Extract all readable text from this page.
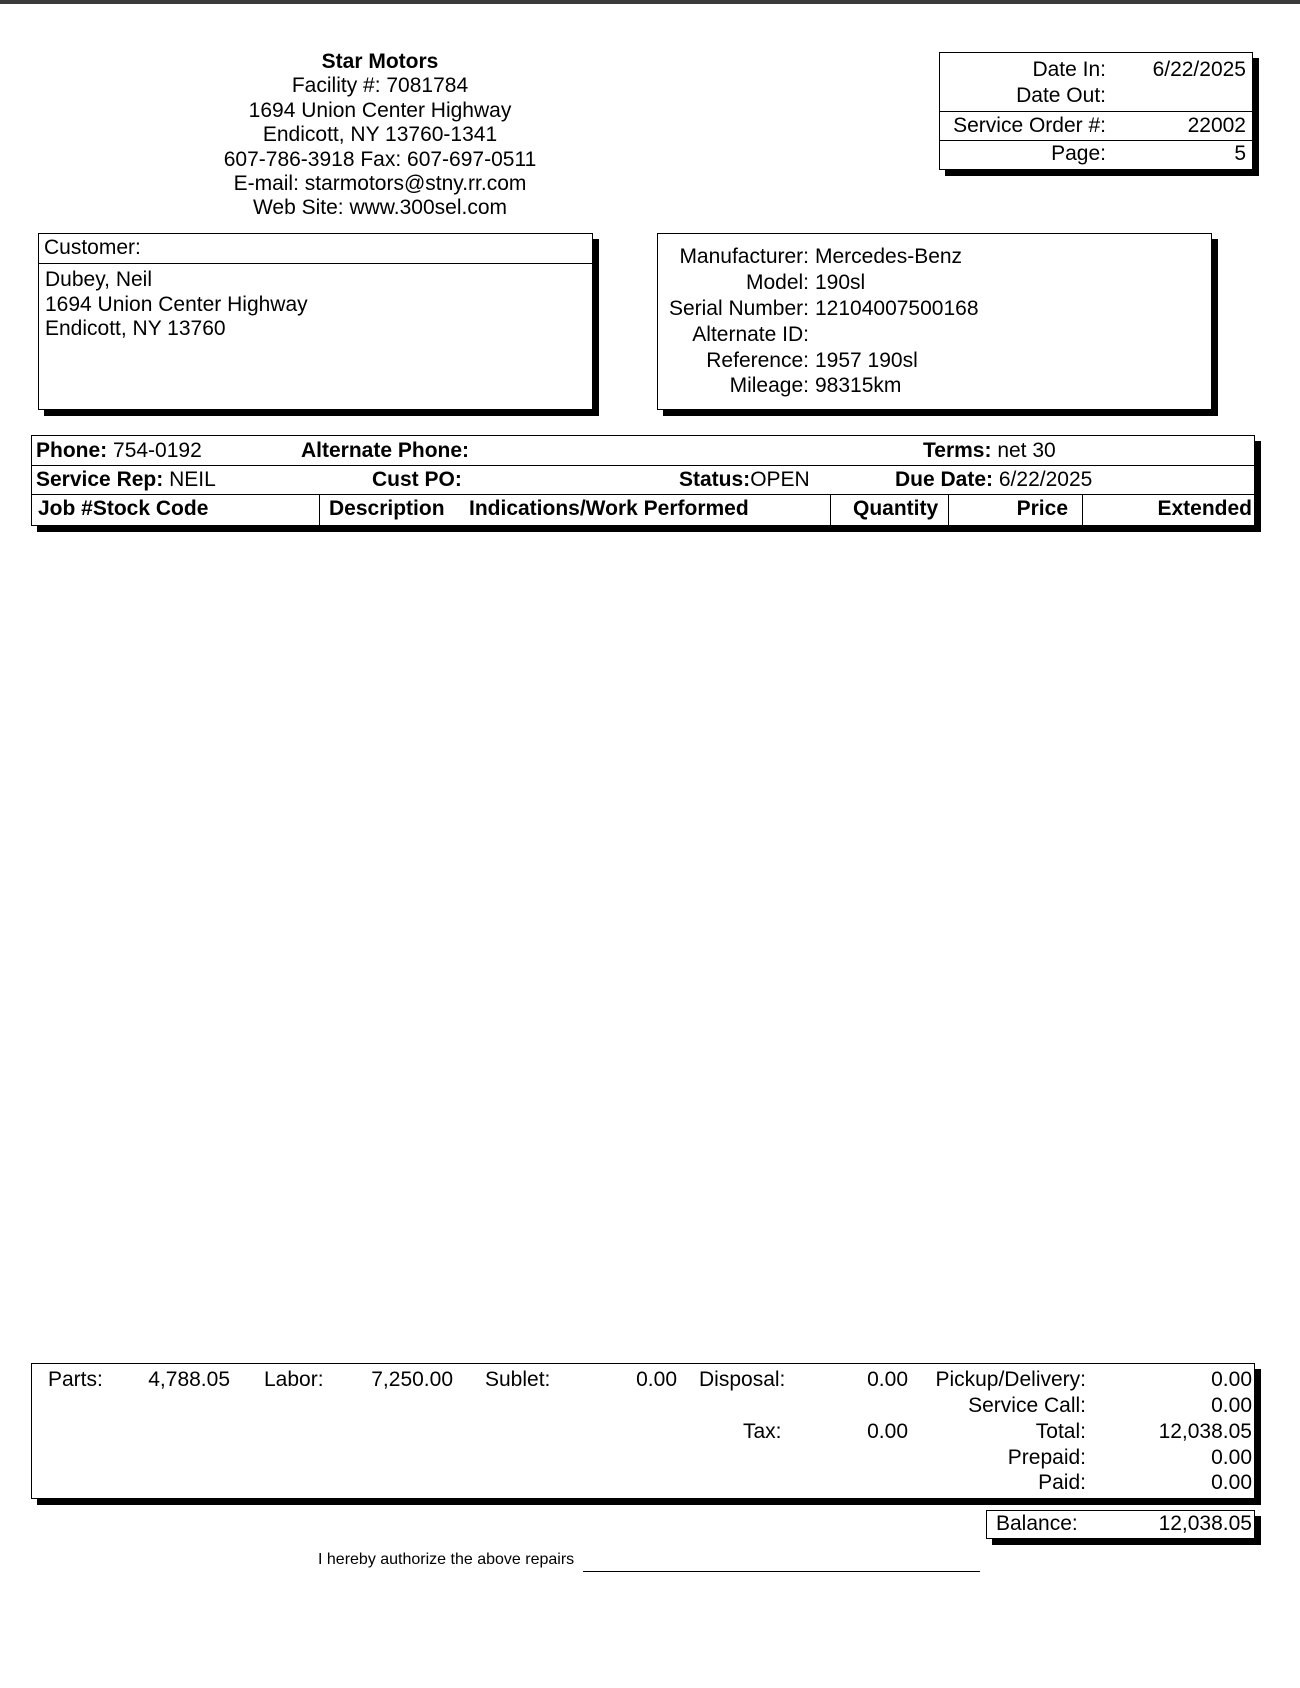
Star Motors
Facility #: 7081784
1694 Union Center Highway
Endicott, NY 13760-1341
607-786-3918 Fax: 607-697-0511
E-mail: starmotors@stny.rr.com
Web Site: www.300sel.com
Date In: 6/22/2025
Date Out:
Service Order #:	22002
Page:	5
Customer:
Dubey, Neil
1694 Union Center Highway
Endicott, NY 13760
Manufacturer: Mercedes-Benz
Model: 190sl
Serial Number: 12104007500168
Alternate ID:
Reference: 1957 190sl
Mileage: 98315km
Phone: 754-0192	Alternate Phone:	Terms: net 30
Service Rep: NEIL	Cust PO:	Status:OPEN	Due Date: 6/22/2025
Job #Stock Code	Description Indications/Work Performed	Quantity	Price	Extended
Parts: 4,788.05 Labor: 7,250.00 Sublet:	0.00 Disposal:	0.00 Pickup/Delivery:	0.00
Service Call:	0.00
Tax:	0.00	Total:	12,038.05
Prepaid:	0.00
Paid:	0.00
Balance:	12,038.05
I hereby authorize the above repairs
